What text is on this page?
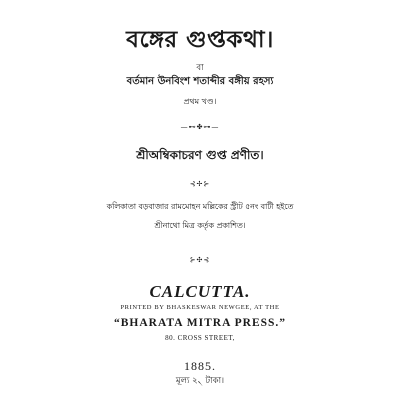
বঙ্গের গুপ্তকথা।
বা
বর্তমান উনবিংশ শতাব্দীর বঙ্গীয় রহস্য
প্রথম খণ্ড।
—⊷✤⊶—
শ্রীঅম্বিকাচরণ গুপ্ত প্রণীত।
⊰✢⊱
কলিকাতা বড়বাজার রামমোহন মল্লিকের স্ট্রীট ৫নং বাটী হইতে
শ্রীনাথো মিত্র কর্তৃক প্রকাশিত।
⊱✣⊰
CALCUTTA.
PRINTED BY BHASKESWAR NEWGEE, AT THE
“BHARATA MITRA PRESS.”
80. CROSS STREET,
1885.
মূল্য ২৲ টাকা।
